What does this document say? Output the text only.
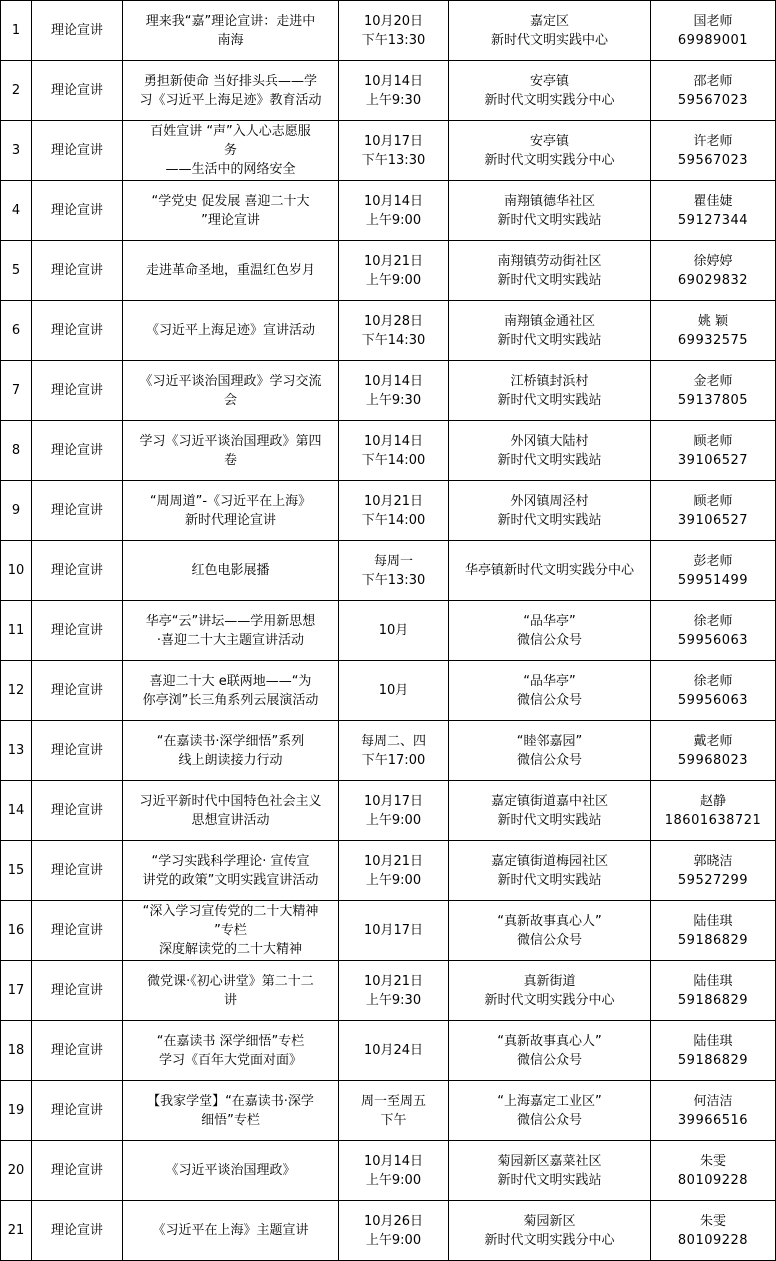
1	理论宣讲	理来我“嘉”理论宣讲：走进中
南海	10月20日
下午13:30	嘉定区
新时代文明实践中心	国老师
69989001

2	理论宣讲	勇担新使命 当好排头兵——学
习《习近平上海足迹》教育活动	10月14日
上午9:30	安亭镇
新时代文明实践分中心	邵老师
59567023

3	理论宣讲	百姓宣讲 “声”入人心志愿服
务
——生活中的网络安全	10月17日
下午13:30	安亭镇
新时代文明实践分中心	许老师
59567023

4	理论宣讲	“学党史 促发展 喜迎二十大
”理论宣讲	10月14日
上午9:00	南翔镇德华社区
新时代文明实践站	瞿佳婕
59127344

5	理论宣讲	走进革命圣地，重温红色岁月	10月21日
上午9:00	南翔镇劳动街社区
新时代文明实践站	徐婷婷
69029832

6	理论宣讲	《习近平上海足迹》宣讲活动	10月28日
下午14:30	南翔镇金通社区
新时代文明实践站	姚 颖
69932575

7	理论宣讲	《习近平谈治国理政》学习交流
会	10月14日
上午9:30	江桥镇封浜村
新时代文明实践站	金老师
59137805

8	理论宣讲	学习《习近平谈治国理政》第四
卷	10月14日
下午14:00	外冈镇大陆村
新时代文明实践站	顾老师
39106527

9	理论宣讲	“周周道”-《习近平在上海》
新时代理论宣讲	10月21日
下午14:00	外冈镇周泾村
新时代文明实践站	顾老师
39106527

10	理论宣讲	红色电影展播	每周一
下午13:30	华亭镇新时代文明实践分中心	彭老师
59951499

11	理论宣讲	华亭“云”讲坛——学用新思想
·喜迎二十大主题宣讲活动	10月	“品华亭”
微信公众号	徐老师
59956063

12	理论宣讲	喜迎二十大 e联两地——“为
你亭浏”长三角系列云展演活动	10月	“品华亭”
微信公众号	徐老师
59956063

13	理论宣讲	“在嘉读书·深学细悟”系列
线上朗读接力行动	每周二、四
下午17:00	“睦邻嘉园”
微信公众号	戴老师
59968023

14	理论宣讲	习近平新时代中国特色社会主义
思想宣讲活动	10月17日
上午9:00	嘉定镇街道嘉中社区
新时代文明实践站	赵静
18601638721

15	理论宣讲	“学习实践科学理论· 宣传宣
讲党的政策”文明实践宣讲活动	10月21日
上午9:00	嘉定镇街道梅园社区
新时代文明实践站	郭晓洁
59527299

16	理论宣讲	“深入学习宣传党的二十大精神
”专栏
深度解读党的二十大精神	10月17日	“真新故事真心人”
微信公众号	陆佳琪
59186829

17	理论宣讲	微党课·《初心讲堂》第二十二
讲	10月21日
上午9:30	真新街道
新时代文明实践分中心	陆佳琪
59186829

18	理论宣讲	“在嘉读书 深学细悟”专栏
学习《百年大党面对面》	10月24日	“真新故事真心人”
微信公众号	陆佳琪
59186829

19	理论宣讲	【我家学堂】“在嘉读书·深学
细悟”专栏	周一至周五
下午	“上海嘉定工业区”
微信公众号	何洁洁
39966516

20	理论宣讲	《习近平谈治国理政》	10月14日
上午9:00	菊园新区嘉菜社区
新时代文明实践站	朱雯
80109228

21	理论宣讲	《习近平在上海》主题宣讲	10月26日
上午9:00	菊园新区
新时代文明实践分中心	朱雯
80109228
